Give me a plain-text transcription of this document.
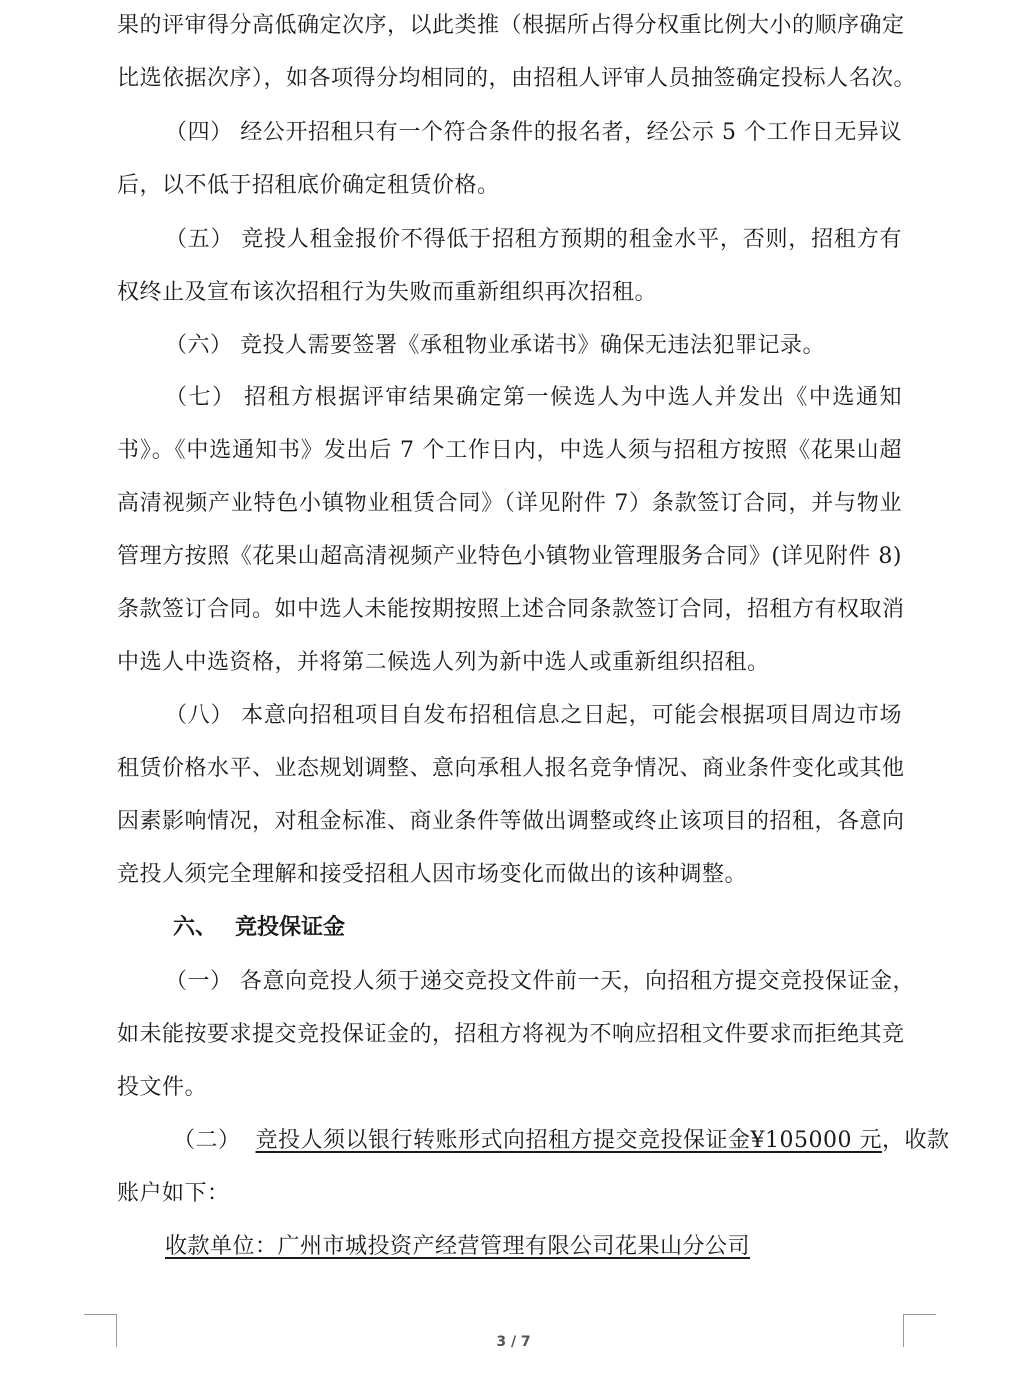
果的评审得分高低确定次序，以此类推（根据所占得分权重比例大小的顺序确定
比选依据次序），如各项得分均相同的，由招租人评审人员抽签确定投标人名次。
（四） 经公开招租只有一个符合条件的报名者，经公示 5 个工作日无异议
后，以不低于招租底价确定租赁价格。
（五） 竞投人租金报价不得低于招租方预期的租金水平，否则，招租方有
权终止及宣布该次招租行为失败而重新组织再次招租。
（六） 竞投人需要签署《承租物业承诺书》确保无违法犯罪记录。
（七） 招租方根据评审结果确定第一候选人为中选人并发出《中选通知
书》。《中选通知书》发出后 7 个工作日内，中选人须与招租方按照《花果山超
高清视频产业特色小镇物业租赁合同》（详见附件 7）条款签订合同，并与物业
管理方按照《花果山超高清视频产业特色小镇物业管理服务合同》(详见附件 8)
条款签订合同。如中选人未能按期按照上述合同条款签订合同，招租方有权取消
中选人中选资格，并将第二候选人列为新中选人或重新组织招租。
（八） 本意向招租项目自发布招租信息之日起，可能会根据项目周边市场
租赁价格水平、业态规划调整、意向承租人报名竞争情况、商业条件变化或其他
因素影响情况，对租金标准、商业条件等做出调整或终止该项目的招租，各意向
竞投人须完全理解和接受招租人因市场变化而做出的该种调整。
六、 竞投保证金
（一） 各意向竞投人须于递交竞投文件前一天，向招租方提交竞投保证金，
如未能按要求提交竞投保证金的，招租方将视为不响应招租文件要求而拒绝其竞
投文件。
（二） 竞投人须以银行转账形式向招租方提交竞投保证金¥105000 元，收款
账户如下：
收款单位：广州市城投资产经营管理有限公司花果山分公司
3 / 7
